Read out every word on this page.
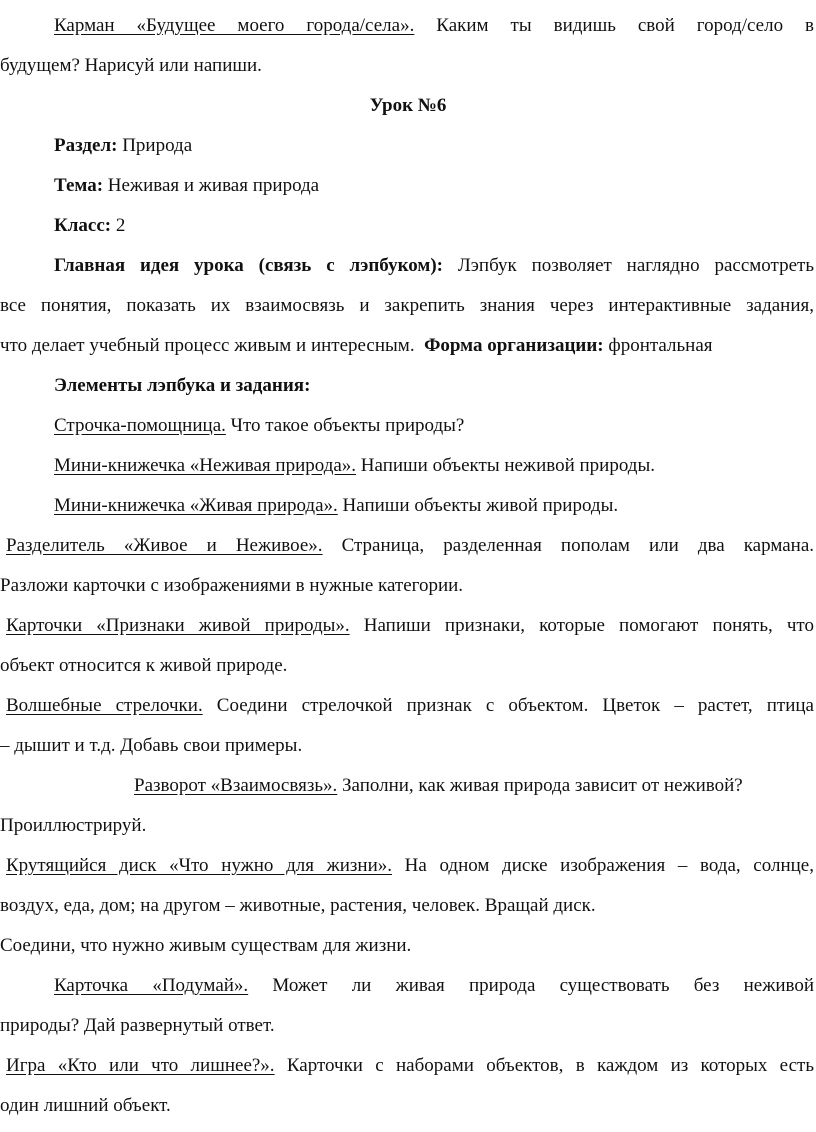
Карман «Будущее моего города/села». Каким ты видишь свой город/село в
будущем? Нарисуй или напиши.
Урок №6
Раздел: Природа
Тема: Неживая и живая природа
Класс: 2
Главная идея урока (связь с лэпбуком): Лэпбук позволяет наглядно рассмотреть
все понятия, показать их взаимосвязь и закрепить знания через интерактивные задания,
что делает учебный процесс живым и интересным. Форма организации: фронтальная
Элементы лэпбука и задания:
Строчка-помощница. Что такое объекты природы?
Мини-книжечка «Неживая природа». Напиши объекты неживой природы.
Мини-книжечка «Живая природа». Напиши объекты живой природы.
Разделитель «Живое и Неживое». Страница, разделенная пополам или два кармана.
Разложи карточки с изображениями в нужные категории.
Карточки «Признаки живой природы». Напиши признаки, которые помогают понять, что
объект относится к живой природе.
Волшебные стрелочки. Соедини стрелочкой признак с объектом. Цветок – растет, птица
– дышит и т.д. Добавь свои примеры.
Разворот «Взаимосвязь». Заполни, как живая природа зависит от неживой?
Проиллюстрируй.
Крутящийся диск «Что нужно для жизни». На одном диске изображения – вода, солнце,
воздух, еда, дом; на другом – животные, растения, человек. Вращай диск.
Соедини, что нужно живым существам для жизни.
Карточка «Подумай». Может ли живая природа существовать без неживой
природы? Дай развернутый ответ.
Игра «Кто или что лишнее?». Карточки с наборами объектов, в каждом из которых есть
один лишний объект.
